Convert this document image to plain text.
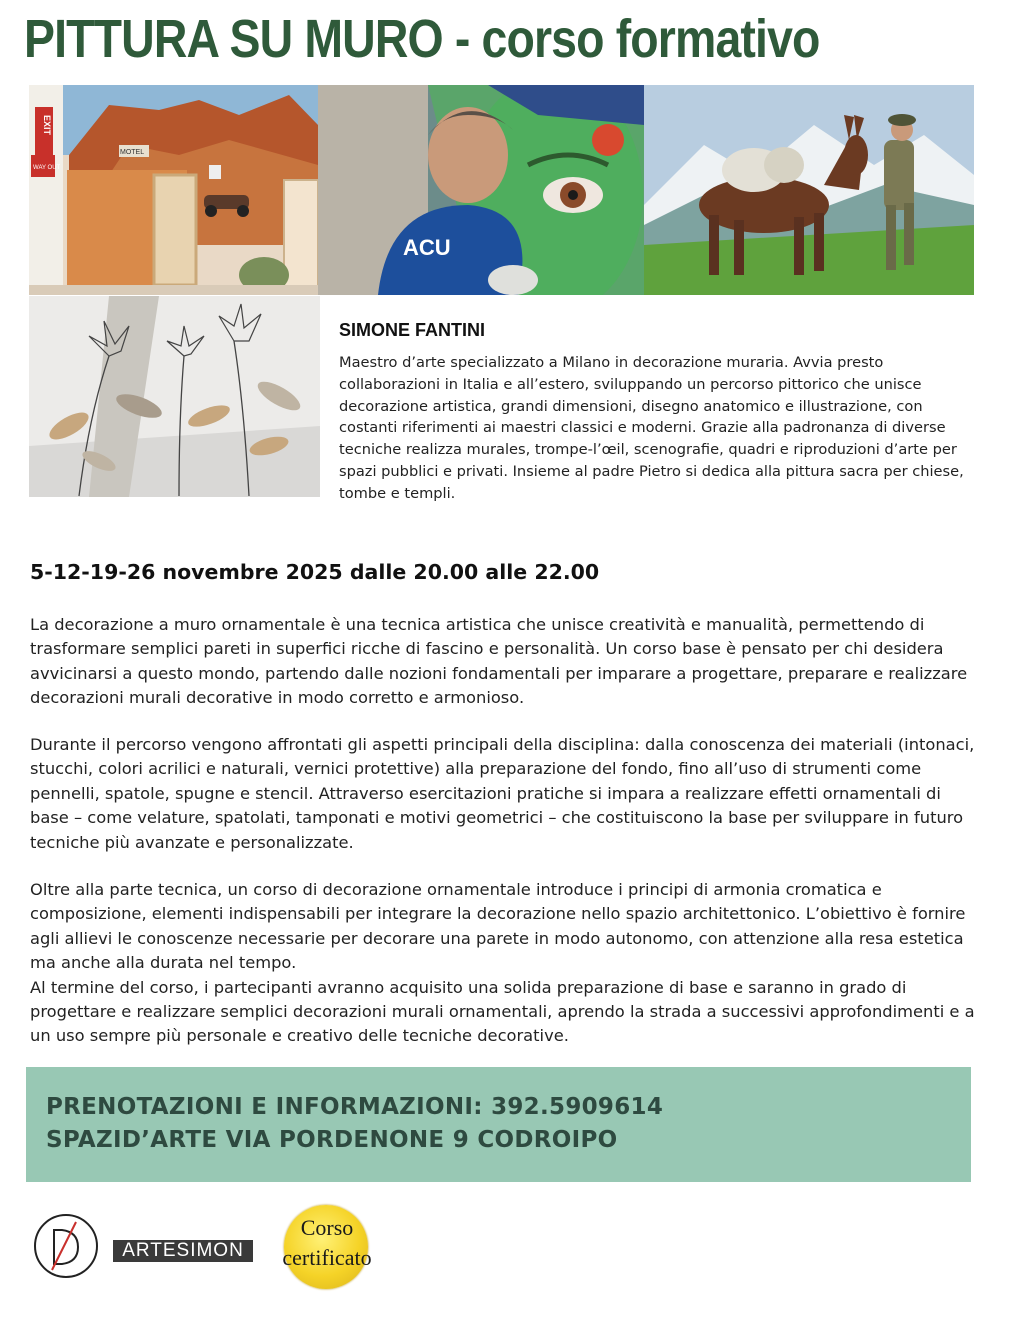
PITTURA SU MURO - corso formativo
EXIT
WAY OUT
MOTEL
ACU
SIMONE FANTINI

Maestro d’arte specializzato a Milano in decorazione muraria. Avvia presto collaborazioni in Italia e all’estero, sviluppando un percorso pittorico che unisce decorazione artistica, grandi dimensioni, disegno anatomico e illustrazione, con costanti riferimenti ai maestri classici e moderni. Grazie alla padronanza di diverse tecniche realizza murales, trompe-l’œil, scenografie, quadri e riproduzioni d’arte per spazi pubblici e privati. Insieme al padre Pietro si dedica alla pittura sacra per chiese, tombe e templi.

5-12-19-26 novembre 2025 dalle 20.00 alle 22.00

La decorazione a muro ornamentale è una tecnica artistica che unisce creatività e manualità, permettendo di trasformare semplici pareti in superfici ricche di fascino e personalità. Un corso base è pensato per chi desidera avvicinarsi a questo mondo, partendo dalle nozioni fondamentali per imparare a progettare, preparare e realizzare decorazioni murali decorative in modo corretto e armonioso.

Durante il percorso vengono affrontati gli aspetti principali della disciplina: dalla conoscenza dei materiali (intonaci, stucchi, colori acrilici e naturali, vernici protettive) alla preparazione del fondo, fino all’uso di strumenti come pennelli, spatole, spugne e stencil. Attraverso esercitazioni pratiche si impara a realizzare effetti ornamentali di base – come velature, spatolati, tamponati e motivi geometrici – che costituiscono la base per sviluppare in futuro tecniche più avanzate e personalizzate.

Oltre alla parte tecnica, un corso di decorazione ornamentale introduce i principi di armonia cromatica e composizione, elementi indispensabili per integrare la decorazione nello spazio architettonico. L’obiettivo è fornire agli allievi le conoscenze necessarie per decorare una parete in modo autonomo, con attenzione alla resa estetica ma anche alla durata nel tempo.
Al termine del corso, i partecipanti avranno acquisito una solida preparazione di base e saranno in grado di progettare e realizzare semplici decorazioni murali ornamentali, aprendo la strada a successivi approfondimenti e a un uso sempre più personale e creativo delle tecniche decorative.

PRENOTAZIONI E INFORMAZIONI: 392.5909614

SPAZID’ARTE VIA PORDENONE 9 CODROIPO

ARTESIMON

Corso

certificato
